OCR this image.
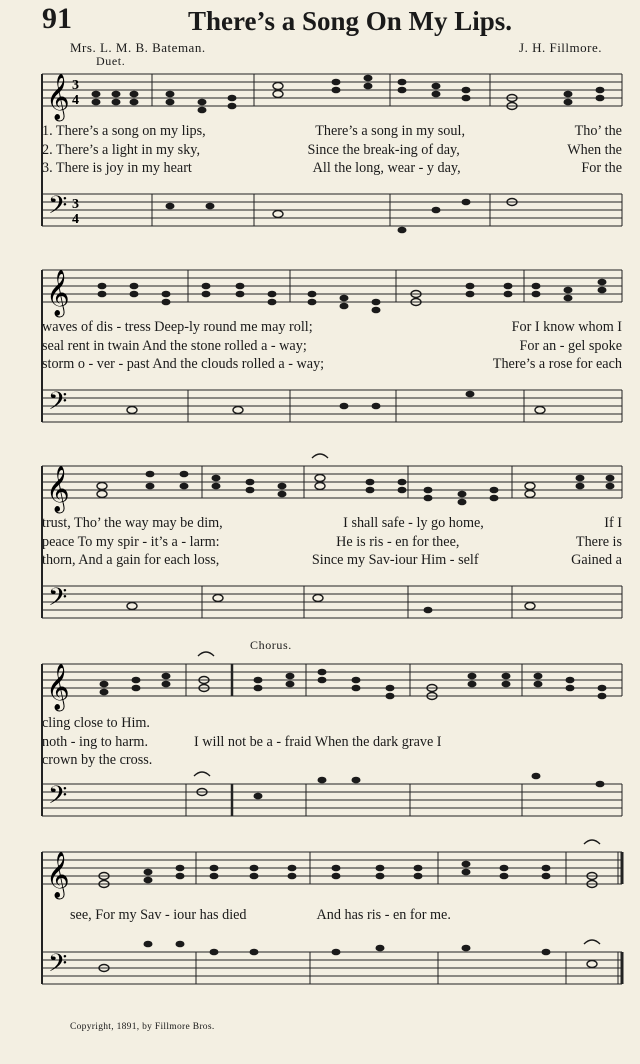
91	There’s a Song On My Lips.
Mrs. L. M. B. Bateman.	J. H. Fillmore.
Duet.
Chorus.
1. There’s a song on my lips,	There’s a song in my soul,	Tho’ the
2. There’s a light in my sky,	Since the break-ing of day,	When the
3. There is joy in my heart	All the long, wear - y day,	For the
waves of dis - tress Deep-ly round me may roll;	For I know whom I
seal rent in twain And the stone rolled a - way;	For an - gel spoke
storm o - ver - past And the clouds rolled a - way;	There’s a rose for each
trust, Tho’ the way may be dim,	I shall safe - ly go home,	If I
peace To my spir - it’s a - larm:	He is ris - en for thee,	There is
thorn, And a gain for each loss,	Since my Sav-iour Him - self	Gained a
cling close to Him.
noth - ing to harm.	I will not be a - fraid When the dark grave I
crown by the cross.
see, For my Sav - iour has died	And has ris - en for me.
𝄞 3
4
𝄢 3
4
𝄞
𝄢
𝄞
𝄢
𝄞
𝄢
𝄞
𝄢
Copyright, 1891, by Fillmore Bros.
